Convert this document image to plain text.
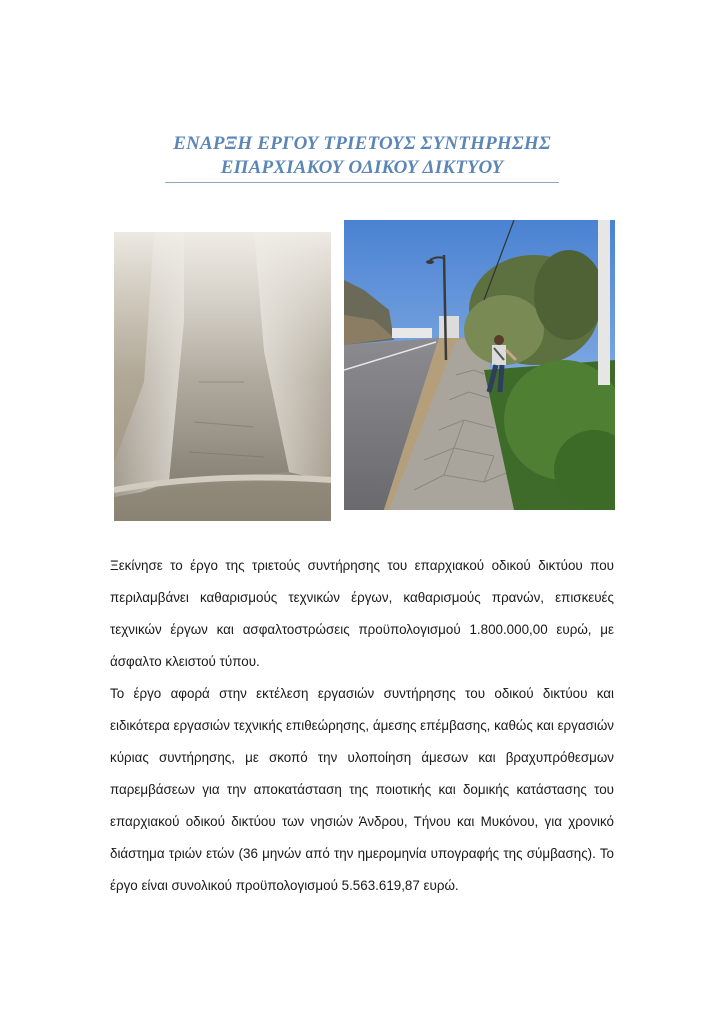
ΕΝΑΡΞΗ ΕΡΓΟΥ ΤΡΙΕΤΟΥΣ ΣΥΝΤΗΡΗΣΗΣ
ΕΠΑΡΧΙΑΚΟΥ ΟΔΙΚΟΥ ΔΙΚΤΥΟΥ

Ξεκίνησε το έργο της τριετούς συντήρησης του επαρχιακού οδικού δικτύου που περιλαμβάνει καθαρισμούς τεχνικών έργων, καθαρισμούς πρανών, επισκευές τεχνικών έργων και ασφαλτοστρώσεις προϋπολογισμού 1.800.000,00 ευρώ, με άσφαλτο κλειστού τύπου.

Το έργο αφορά στην εκτέλεση εργασιών συντήρησης του οδικού δικτύου και ειδικότερα εργασιών τεχνικής επιθεώρησης, άμεσης επέμβασης, καθώς και εργασιών κύριας συντήρησης, με σκοπό την υλοποίηση άμεσων και βραχυπρόθεσμων παρεμβάσεων για την αποκατάσταση της ποιοτικής και δομικής κατάστασης του επαρχιακού οδικού δικτύου των νησιών Άνδρου, Τήνου και Μυκόνου, για χρονικό διάστημα τριών ετών (36 μηνών από την ημερομηνία υπογραφής της σύμβασης). Το έργο είναι συνολικού προϋπολογισμού 5.563.619,87 ευρώ.
